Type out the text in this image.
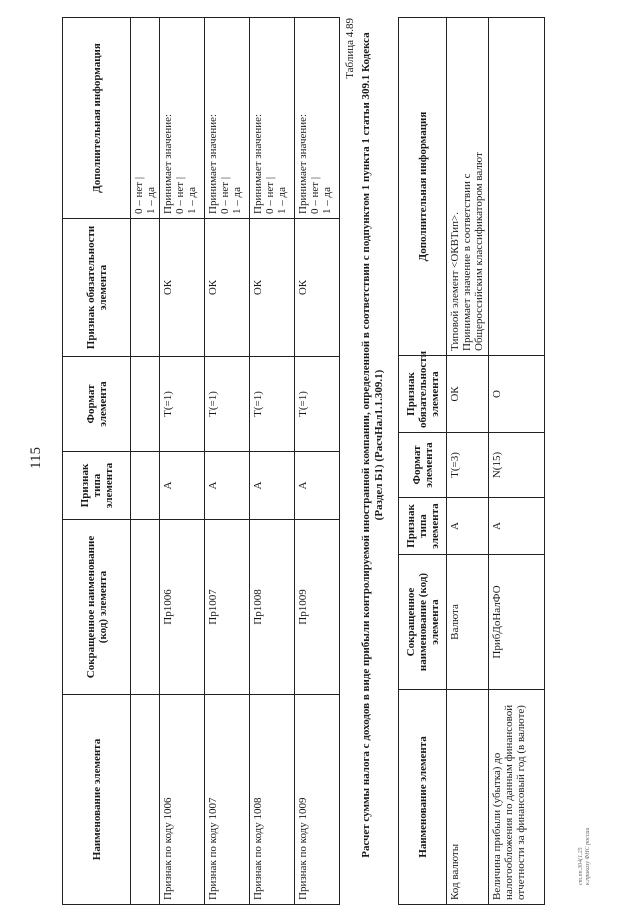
115
Наименование элемента	Сокращенное наименование (код) элемента	Признак типа элемента	Формат элемента	Признак обязательности элемента	Дополнительная информация

					0 – нет | 1 – да

Признак по коду 1006	Пр1006	А	Т(=1)	ОК	Принимает значение: 0 – нет | 1 – да

Признак по коду 1007	Пр1007	А	Т(=1)	ОК	Принимает значение: 0 – нет | 1 – да

Признак по коду 1008	Пр1008	А	Т(=1)	ОК	Принимает значение: 0 – нет | 1 – да

Признак по коду 1009	Пр1009	А	Т(=1)	ОК	Принимает значение: 0 – нет | 1 – да
Таблица 4.89 Расчет суммы налога с доходов в виде прибыли контролируемой иностранной компании, определенной в соответствии с подпунктом 1 пункта 1 статьи 309.1 Кодекса (Раздел Б1) (РасчНал1.1.309.1)
Наименование элемента	Сокращенное наименование (код) элемента	Признак типа элемента	Формат элемента	Признак обязательности элемента	Дополнительная информация
Код валюты	Валюта	А	Т(=3)	ОК	Типовой элемент <ОКВТип>. Принимает значение в соответствии с Общероссийским классификатором валют

Величина прибыли (убытка) до налогообложения по данным финансовой отчетности за финансовый год (в валюте)	ПрибДоНалФО	А	N(15)	О	
ст.пп.304(1.25 к.приказу ФНС россии
